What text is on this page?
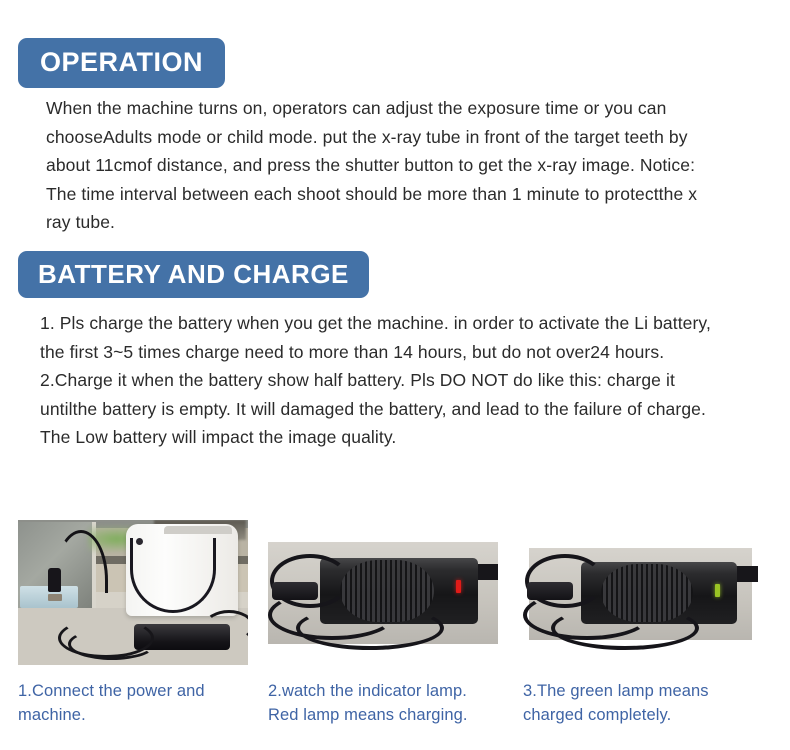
OPERATION
When the machine turns on, operators can adjust the exposure time or you can chooseAdults mode or child mode. put the x-ray tube in front of the target teeth by about 11cmof distance, and press the shutter button to get the x-ray image. Notice: The time interval between each shoot should be more than 1 minute to protectthe x ray tube.
BATTERY AND CHARGE
1. Pls charge the battery when you get the machine. in order to activate the Li battery, the first 3~5 times charge need to more than 14 hours, but do not over24 hours.
2.Charge it when the battery show half battery. Pls DO NOT do like this: charge it untilthe battery is empty. It will damaged the battery, and lead to the failure of charge.
The Low battery will impact the image quality.
1.Connect the power and machine.
2.watch the indicator lamp. Red lamp means charging.
3.The green lamp means charged completely.
